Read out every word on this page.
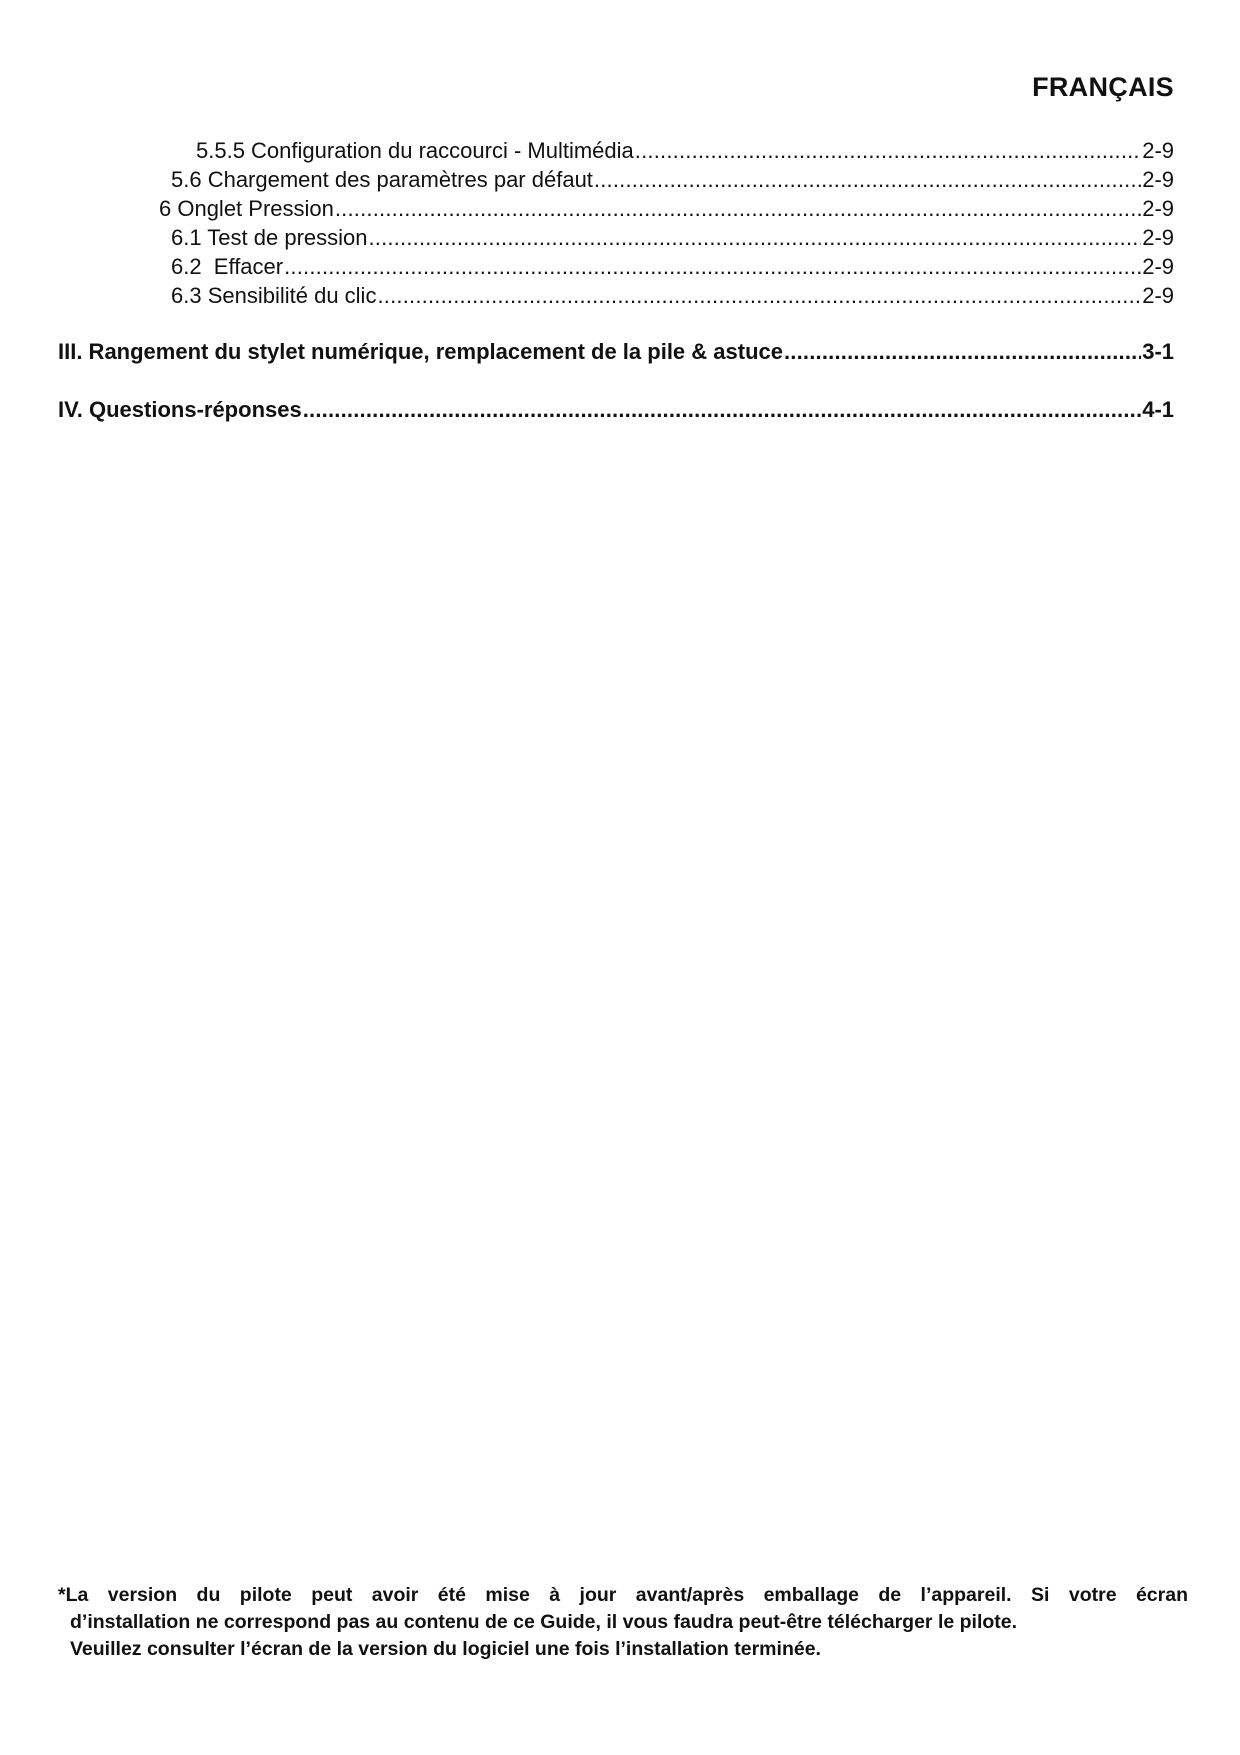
FRANÇAIS
5.5.5 Configuration du raccourci - Multimédia .....	2-9
5.6 Chargement des paramètres par défaut .....	2-9
6 Onglet Pression .....	2-9
6.1 Test de pression .....	2-9
6.2  Effacer .....	2-9
6.3 Sensibilité du clic .....	2-9
III. Rangement du stylet numérique, remplacement de la pile & astuce .....	3-1
IV. Questions-réponses .....	4-1
*La version du pilote peut avoir été mise à jour avant/après emballage de l’appareil. Si votre écran
d’installation ne correspond pas au contenu de ce Guide, il vous faudra peut-être télécharger le pilote.
Veuillez consulter l’écran de la version du logiciel une fois l’installation terminée.
